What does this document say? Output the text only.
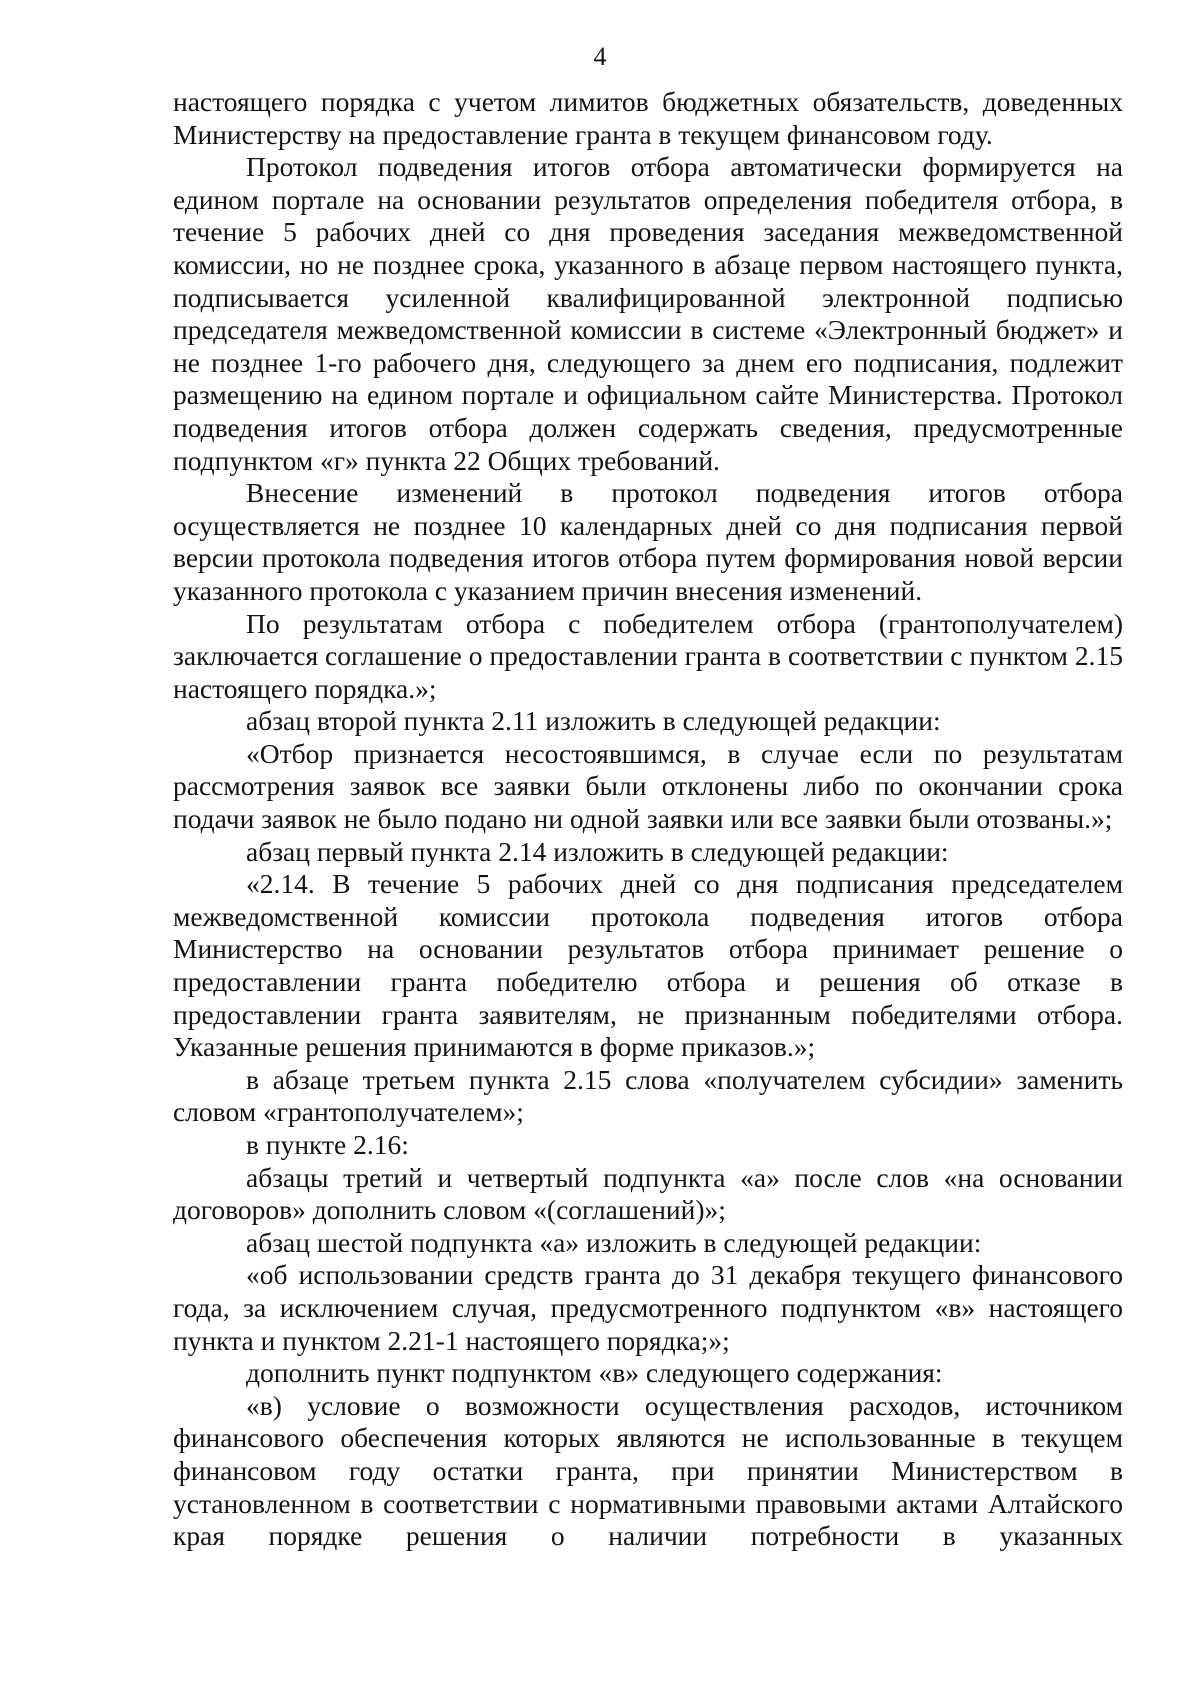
4

настоящего порядка с учетом лимитов бюджетных обязательств, доведенных Министерству на предоставление гранта в текущем финансовом году.

Протокол подведения итогов отбора автоматически формируется на едином портале на основании результатов определения победителя отбора, в течение 5 рабочих дней со дня проведения заседания межведомственной комиссии, но не позднее срока, указанного в абзаце первом настоящего пункта, подписывается усиленной квалифицированной электронной подписью председателя межведомственной комиссии в системе «Электронный бюджет» и не позднее 1-го рабочего дня, следующего за днем его подписания, подлежит размещению на едином портале и официальном сайте Министерства. Протокол подведения итогов отбора должен содержать сведения, предусмотренные подпунктом «г» пункта 22 Общих требований.

Внесение изменений в протокол подведения итогов отбора осуществляется не позднее 10 календарных дней со дня подписания первой версии протокола подведения итогов отбора путем формирования новой версии указанного протокола с указанием причин внесения изменений.

По результатам отбора с победителем отбора (грантополучателем) заключается соглашение о предоставлении гранта в соответствии с пунктом 2.15 настоящего порядка.»;

абзац второй пункта 2.11 изложить в следующей редакции:

«Отбор признается несостоявшимся, в случае если по результатам рассмотрения заявок все заявки были отклонены либо по окончании срока подачи заявок не было подано ни одной заявки или все заявки были отозваны.»;

абзац первый пункта 2.14 изложить в следующей редакции:

«2.14. В течение 5 рабочих дней со дня подписания председателем межведомственной комиссии протокола подведения итогов отбора Министерство на основании результатов отбора принимает решение о предоставлении гранта победителю отбора и решения об отказе в предоставлении гранта заявителям, не признанным победителями отбора. Указанные решения принимаются в форме приказов.»;

в абзаце третьем пункта 2.15 слова «получателем субсидии» заменить словом «грантополучателем»;

в пункте 2.16:

абзацы третий и четвертый подпункта «а» после слов «на основании договоров» дополнить словом «(соглашений)»;

абзац шестой подпункта «а» изложить в следующей редакции:

«об использовании средств гранта до 31 декабря текущего финансового года, за исключением случая, предусмотренного подпунктом «в» настоящего пункта и пунктом 2.21-1 настоящего порядка;»;

дополнить пункт подпунктом «в» следующего содержания:

«в) условие о возможности осуществления расходов, источником финансового обеспечения которых являются не использованные в текущем финансовом году остатки гранта, при принятии Министерством в установленном в соответствии с нормативными правовыми актами Алтайского края порядке решения о наличии потребности в указанных
